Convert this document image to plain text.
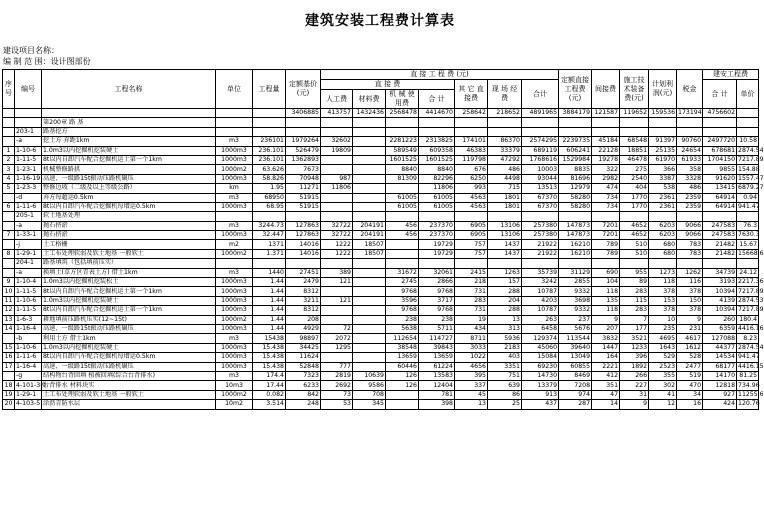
建筑安装工程费计算表
建设项目名称：
编 制 范 围：设计图部份
序号	编号	工程名称	单位	工程量	定额基价(元)	直 接 工 程 费 (元)							定额直接工程费(元)	间接费	施工技术装备费(元)	计划利润(元)	税金	建安工程费	
						直 接 费				其 它 直接费	现 场 经 费	合计						合 计	单价
						人工费	材料费	机 械 使用费	合 计										
					3406885	413757	1432436	2568478	4414670	258642	218652	4891965	3884179	121587	119652	159536	173194	4756602	
		第200章 路 基																	
	203-1	路基挖方																	
	-a	挖土方 弃距1km	m3	236101	1979264	32602		2281223	2313825	174101	86370	2574295	2239735	45184	68548	91397	90760	2497720	10.58
1	1-10-6	1.0m3以内挖掘机挖装硬土	1000m3	236.101	526479	19809		589549	609358	46383	33379	689119	606241	22128	18851	25135	24654	678681	2874.54
2	1-11-5	8t以内自卸汽车配合挖掘机运土第一个1km	1000m3	236.101	1362893			1601525	1601525	119798	47292	1768616	1529984	19278	46478	61970	61933	1704150	7217.89
3	1-23-1	机械整修路拱	1000m2	63.626	7673			8840	8840	676	486	10003	8835	322	275	366	358	9855	154.88
4	1-16-19	高速、一级路15t振动压路机碾压	1000m3	58.826	70948	987		81309	82296	6250	4498	93044	81696	2982	2540	3387	3328	91620	1557.47
5	1-23-3	整修边坡（二级及以上等级公路）	km	1.95	11271	11806			11806	993	715	13513	12979	474	404	538	486	13415	6879.27
	-d	弃方每超运0.5km	m3	68950	51915			61005	61005	4563	1801	67370	58280	734	1770	2361	2359	64914	0.94
6	1-11-6	8t以内自卸汽车配合挖掘机每增运0.5km	1000m3	68.95	51915			61005	61005	4563	1801	67370	58280	734	1770	2361	2359	64914	941.47
	205-1	软土地基处理																	
	-a	抛石挤淤	m3	3244.73	127863	32722	204191	456	237370	6905	13106	257380	147873	7201	4652	6203	9066	247583	76.3
7	1-33-1	抛石挤淤	1000m3	32.447	127863	32722	204191	456	237370	6905	13106	257380	147873	7201	4652	6203	9066	247583	7630.3
	-j	土工格栅	m2	1371	14016	1222	18507		19729	757	1437	21922	16210	789	510	680	783	21482	15.67
8	1-29-1	土工布处理软弱及软土地基 一般软土	1000m2	1.371	14016	1222	18507		19729	757	1437	21922	16210	789	510	680	783	21482	15668.6
	204-1	路基填筑（包括填前压实）																	
	-a	换填土(草方区青表土方) 借土1km	m3	1440	27451	389		31672	32061	2415	1263	35739	31129	690	955	1273	1262	34739	24.12
9	1-10-4	1.0m3以内挖掘机挖装松土	1000m3	1.44	2479	121		2745	2866	218	157	3242	2855	104	89	118	116	3193	2217.36
10	1-11-5	8t以内自卸汽车配合挖掘机运土第一个1km	1000m3	1.44	8312			9768	9768	731	288	10787	9332	118	283	378	378	10394	7217.89
11	1-10-6	1.0m3以内挖掘机挖装硬土	1000m3	1.44	3211	121		3596	3717	283	204	4203	3698	135	115	153	150	4139	2874.53
12	1-11-5	8t以内自卸汽车配合挖掘机运土第一个1km	1000m3	1.44	8312			9768	9768	731	288	10787	9332	118	283	378	378	10394	7217.89
13	1-6-3	耕地填前压路机压实(12~15t)	1000m2	1.44	208			238	238	19	13	263	237	9	7	10	9	260	180.4
14	1-16-4	高速、一级路15t振动压路机碾压	1000m3	1.44	4929	72		5638	5711	434	313	6458	5676	207	177	235	231	6359	4416.16
	-b	利用土方 借土1km	m3	15438	98897	2072		112654	114727	8711	5936	129374	113544	3832	3521	4695	4617	127088	8.23
15	1-10-6	1.0m3以内挖掘机挖装硬土	1000m3	15.438	34425	1295		38548	39843	3033	2183	45060	39640	1447	1233	1643	1612	44377	2874.54
16	1-11-6	8t以内自卸汽车配合挖掘机每增运0.5km	1000m3	15.438	11624			13659	13659	1022	403	15084	13049	164	396	529	528	14534	941.47
17	1-16-4	高速、一级路15t振动压路机碾压	1000m3	15.438	52848	777		60446	61224	4656	3351	69230	60855	2221	1892	2523	2477	68177	4416.15
	-g	结构物台背回填 植被回填(综合台背排水)	m3	174.4	7323	2819	10639	126	13583	395	751	14730	8469	412	266	355	519	14170	81.25
18	4-101-3换	台背排水 材料块实	10m3	17.44	6233	2692	9586	126	12404	337	639	13379	7208	351	227	302	470	12818	734.96
19	1-29-1	土工布处理软弱及软土地基 一般软土	1000m2	0.082	842	73	708		781	45	86	913	974	47	31	41	34	927	11255.6
20	4-103-5	涂沥青防水层	10m2	3.514	248	53	345		398	13	25	437	287	14	9	12	16	424	120.76
